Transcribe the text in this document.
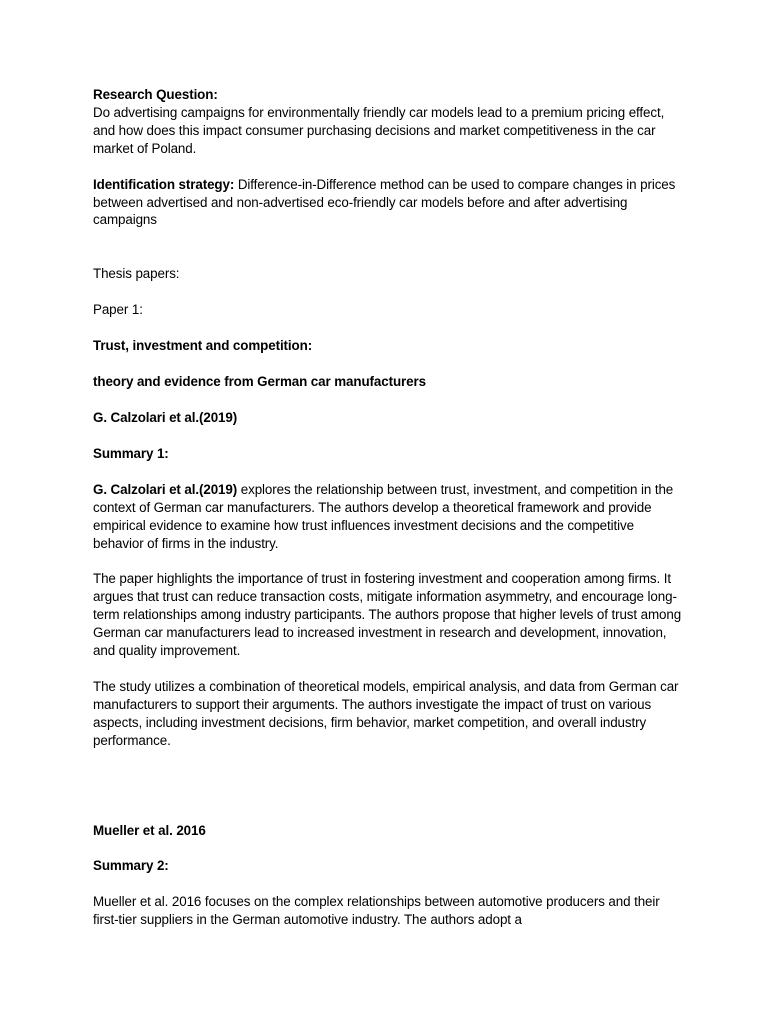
Research Question:
Do advertising campaigns for environmentally friendly car models lead to a premium pricing effect, and how does this impact consumer purchasing decisions and market competitiveness in the car market of Poland.

Identification strategy: Difference-in-Difference method can be used to compare changes in prices between advertised and non-advertised eco-friendly car models before and after advertising campaigns

Thesis papers:

Paper 1:

Trust, investment and competition:

theory and evidence from German car manufacturers

G. Calzolari et al.(2019)

Summary 1:

G. Calzolari et al.(2019) explores the relationship between trust, investment, and competition in the context of German car manufacturers. The authors develop a theoretical framework and provide empirical evidence to examine how trust influences investment decisions and the competitive behavior of firms in the industry.

The paper highlights the importance of trust in fostering investment and cooperation among firms. It argues that trust can reduce transaction costs, mitigate information asymmetry, and encourage long-term relationships among industry participants. The authors propose that higher levels of trust among German car manufacturers lead to increased investment in research and development, innovation, and quality improvement.

The study utilizes a combination of theoretical models, empirical analysis, and data from German car manufacturers to support their arguments. The authors investigate the impact of trust on various aspects, including investment decisions, firm behavior, market competition, and overall industry performance.

Mueller et al. 2016

Summary 2:

Mueller et al. 2016 focuses on the complex relationships between automotive producers and their first-tier suppliers in the German automotive industry. The authors adopt a
